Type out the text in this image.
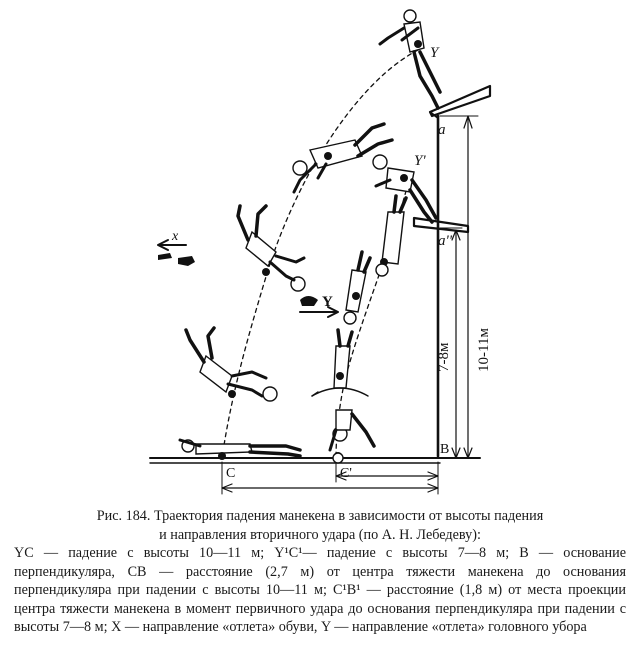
7-8м 10-11м
Y
Y'
a
a''
B
C	C'
x
Y

Рис. 184. Траектория падения манекена в зависимости от высоты падения
и направления вторичного удара (по А. Н. Лебедеву):

YC — падение с высоты 10—11 м; Y¹C¹— падение с высоты 7—8 м; B — основание перпендикуляра, CB — расстояние (2,7 м) от центра тяжести манекена до основания перпендикуляра при падении с высоты 10—11 м; C¹B¹ — расстояние (1,8 м) от места проекции центра тяжести манекена в момент первичного удара до основания перпендикуляра при падении с высоты 7—8 м; X — направление «отлета» обуви, Y — направление «отлета» головного убора
